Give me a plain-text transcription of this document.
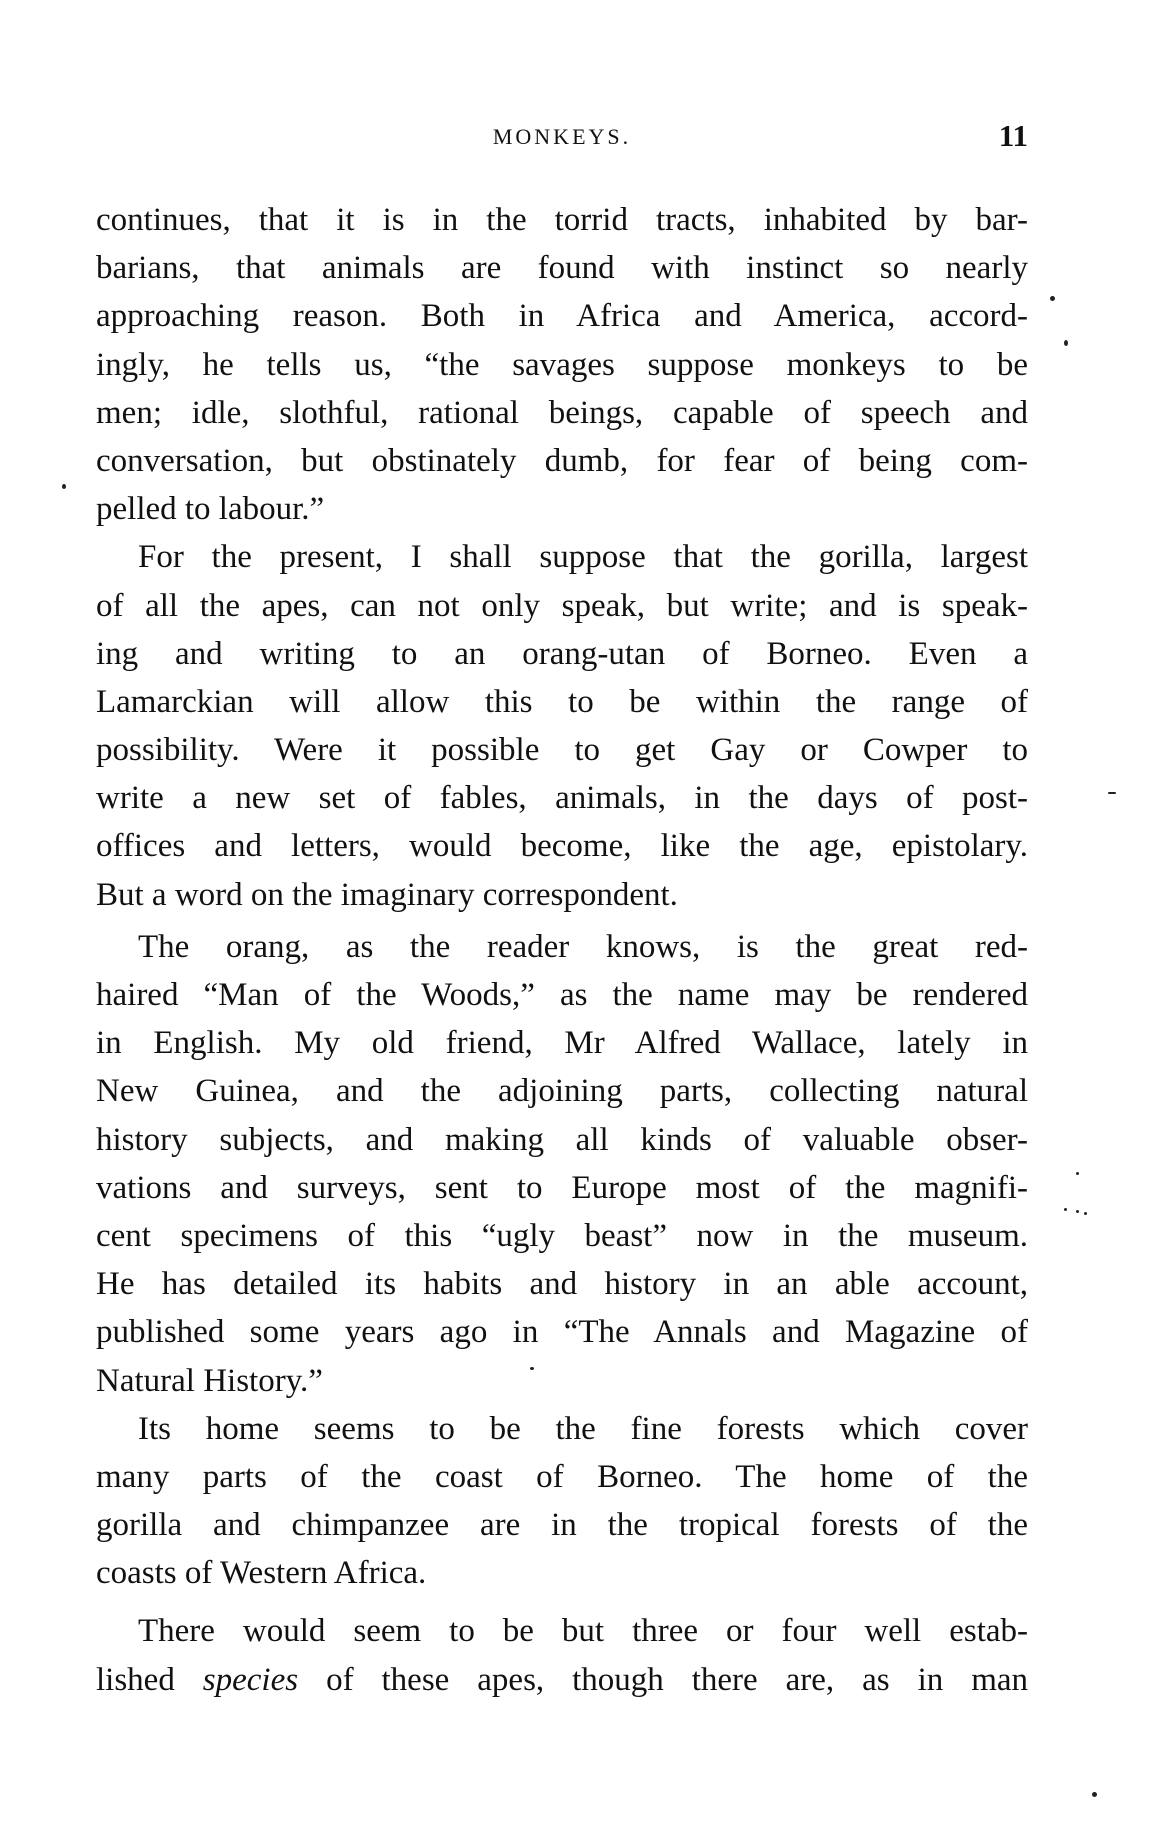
MONKEYS.	11
continues, that it is in the torrid tracts, inhabited by bar-
barians, that animals are found with instinct so nearly
approaching reason. Both in Africa and America, accord-
ingly, he tells us, “the savages suppose monkeys to be
men; idle, slothful, rational beings, capable of speech and
conversation, but obstinately dumb, for fear of being com-
pelled to labour.”
For the present, I shall suppose that the gorilla, largest
of all the apes, can not only speak, but write; and is speak-
ing and writing to an orang-utan of Borneo. Even a
Lamarckian will allow this to be within the range of
possibility. Were it possible to get Gay or Cowper to
write a new set of fables, animals, in the days of post-
offices and letters, would become, like the age, epistolary.
But a word on the imaginary correspondent.
The orang, as the reader knows, is the great red-
haired “Man of the Woods,” as the name may be rendered
in English. My old friend, Mr Alfred Wallace, lately in
New Guinea, and the adjoining parts, collecting natural
history subjects, and making all kinds of valuable obser-
vations and surveys, sent to Europe most of the magnifi-
cent specimens of this “ugly beast” now in the museum.
He has detailed its habits and history in an able account,
published some years ago in “The Annals and Magazine of
Natural History.”
Its home seems to be the fine forests which cover
many parts of the coast of Borneo. The home of the
gorilla and chimpanzee are in the tropical forests of the
coasts of Western Africa.
There would seem to be but three or four well estab-
lished species of these apes, though there are, as in man
